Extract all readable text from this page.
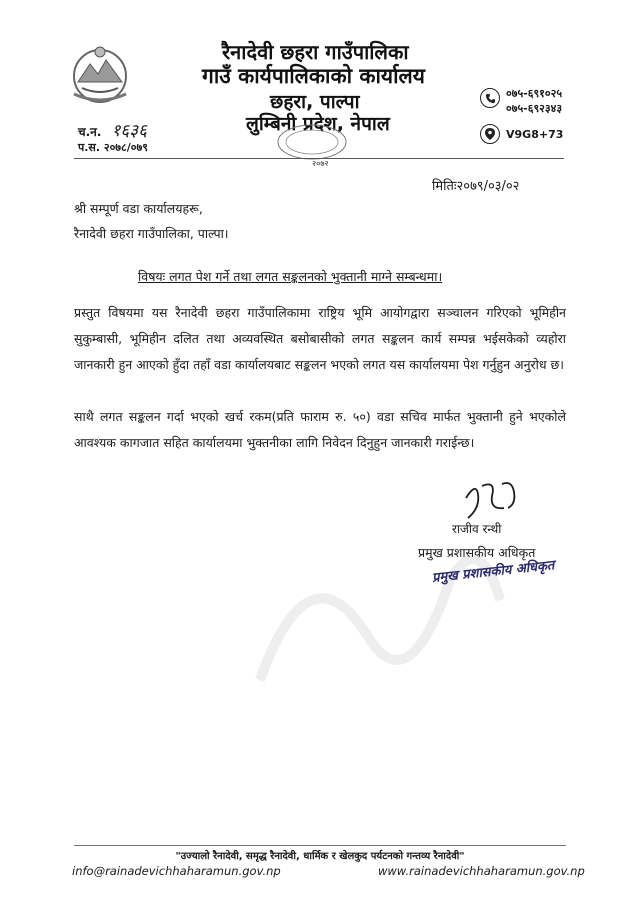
रैनादेवी छहरा गाउँपालिका
गाउँ कार्यपालिकाको कार्यालय
छहरा, पाल्पा
लुम्बिनी प्रदेश, नेपाल
२०७२
च.न. १६३६
प.स. २०७८/०७९
०७५-६९१०२५
०७५-६९२३४३
V9G8+73
मितिः२०७९/०३/०२
श्री सम्पूर्ण वडा कार्यालयहरू,
रैनादेवी छहरा गाउँपालिका, पाल्पा।
विषयः लगत पेश गर्ने तथा लगत सङ्कलनको भुक्तानी माग्ने सम्बन्धमा।
प्रस्तुत विषयमा यस रैनादेवी छहरा गाउँपालिकामा राष्ट्रिय भूमि आयोगद्वारा सञ्चालन गरिएको भूमिहीन सुकुम्बासी, भूमिहीन दलित तथा अव्यवस्थित बसोबासीको लगत सङ्कलन कार्य सम्पन्न भईसकेको व्यहोरा जानकारी हुन आएको हुँदा तहाँ वडा कार्यालयबाट सङ्कलन भएको लगत यस कार्यालयमा पेश गर्नुहुन अनुरोध छ।
साथै लगत सङ्कलन गर्दा भएको खर्च रकम(प्रति फाराम रु. ५०) वडा सचिव मार्फत भुक्तानी हुने भएकोले आवश्यक कागजात सहित कार्यालयमा भुक्तनीका लागि निवेदन दिनुहुन जानकारी गराईन्छ।
राजीव रन्थी
प्रमुख प्रशासकीय अधिकृत
प्रमुख प्रशासकीय अधिकृत
"उज्यालो रैनादेवी, समृद्ध रैनादेवी, धार्मिक र खेलकुद पर्यटनको गन्तव्य रैनादेवी"
info@rainadevichhaharamun.gov.np	www.rainadevichhaharamun.gov.np
